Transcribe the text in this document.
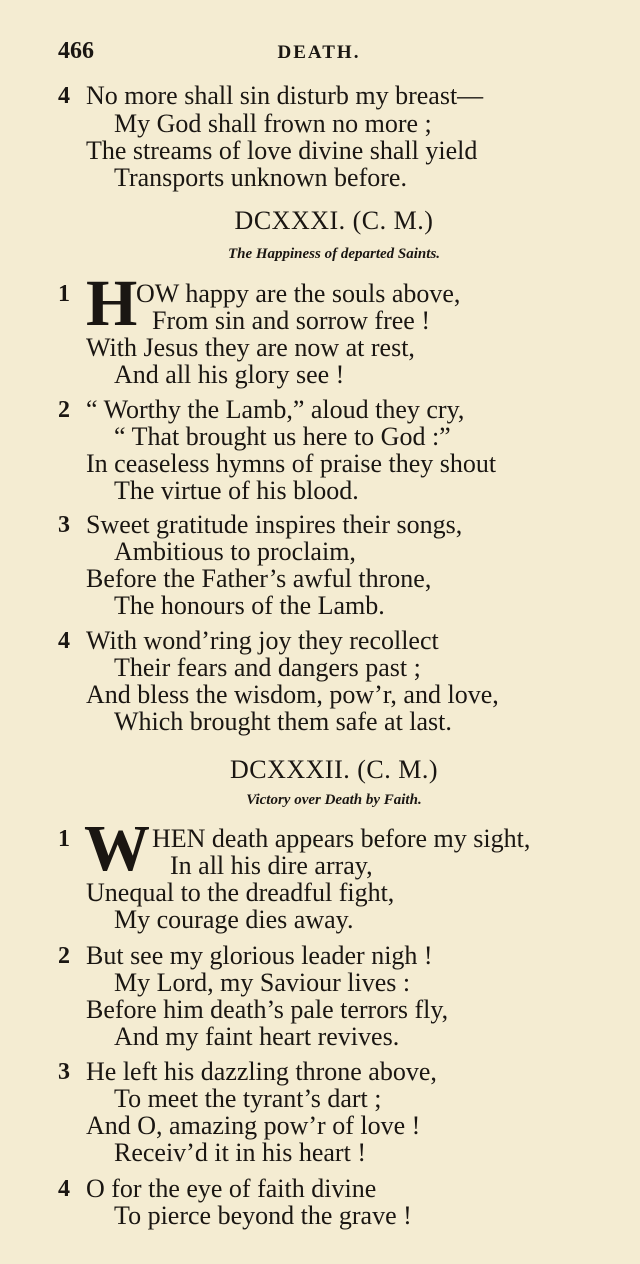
466	DEATH.
4 No more shall sin disturb my breast—
My God shall frown no more ;
The streams of love divine shall yield
Transports unknown before.
DCXXXI. (C. M.)
The Happiness of departed Saints.
1 H
OW happy are the souls above,
From sin and sorrow free !
With Jesus they are now at rest,
And all his glory see !
2 “ Worthy the Lamb,” aloud they cry,
“ That brought us here to God :”
In ceaseless hymns of praise they shout
The virtue of his blood.
3 Sweet gratitude inspires their songs,
Ambitious to proclaim,
Before the Father’s awful throne,
The honours of the Lamb.
4 With wond’ring joy they recollect
Their fears and dangers past ;
And bless the wisdom, pow’r, and love,
Which brought them safe at last.
DCXXXII. (C. M.)
Victory over Death by Faith.
1 W HEN death appears before my sight,
In all his dire array,
Unequal to the dreadful fight,
My courage dies away.
2 But see my glorious leader nigh !
My Lord, my Saviour lives :
Before him death’s pale terrors fly,
And my faint heart revives.
3 He left his dazzling throne above,
To meet the tyrant’s dart ;
And O, amazing pow’r of love !
Receiv’d it in his heart !
4 O for the eye of faith divine
To pierce beyond the grave !
